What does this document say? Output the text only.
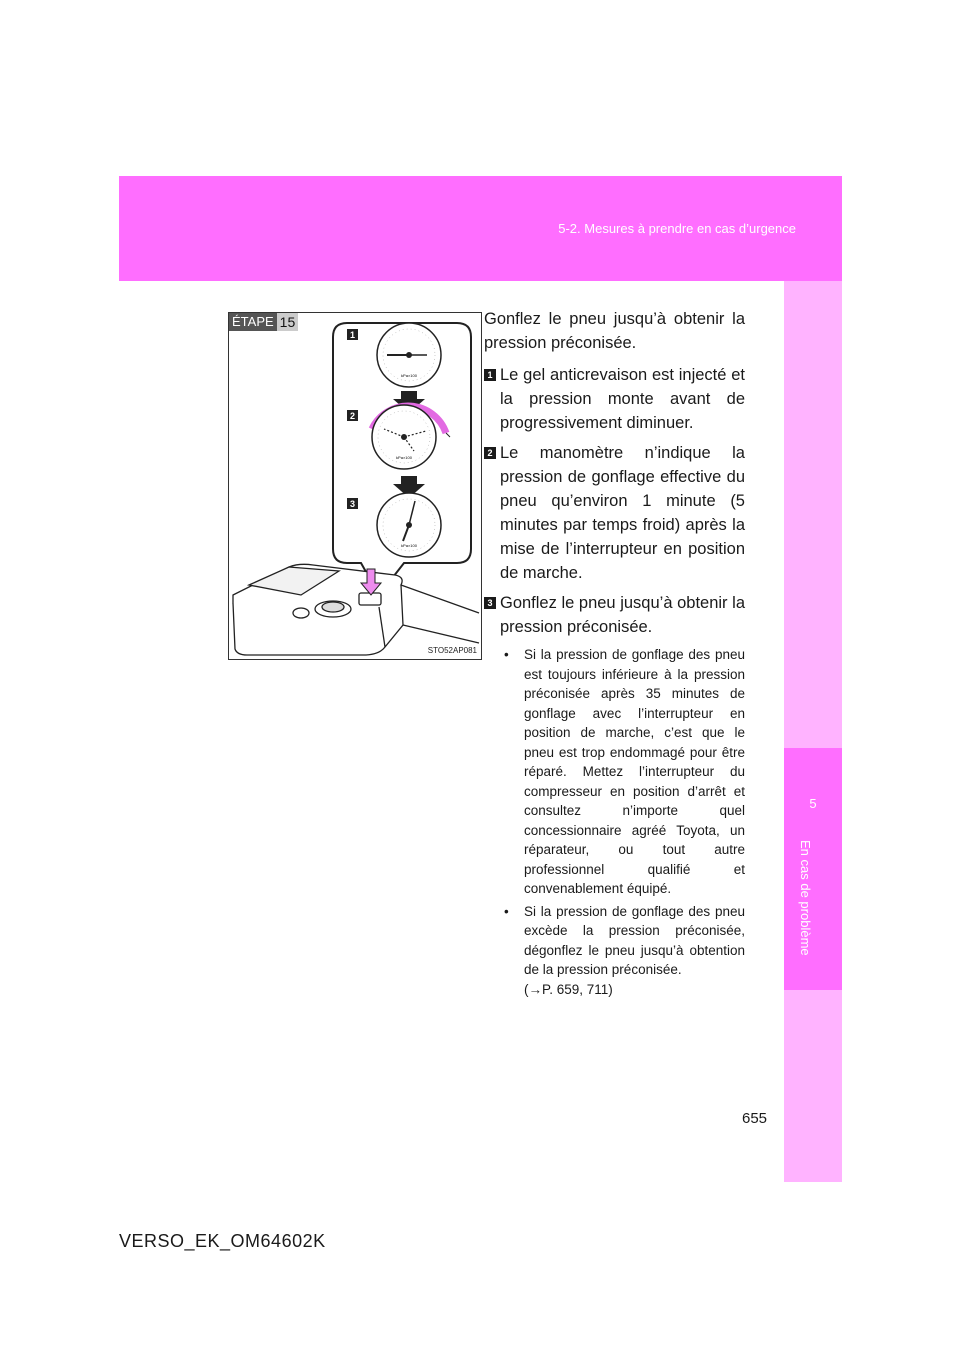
5-2. Mesures à prendre en cas d’urgence
5
En cas de problème
ÉTAPE 15
1
2
3
kPa×100
kPa×100
kPa×100
STO52AP081

Gonflez le pneu jusqu’à obtenir la pression préconisée.

1 Le gel anticrevaison est injecté et la pression monte avant de progressivement diminuer.
2 Le manomètre n’indique la pression de gonflage effective du pneu qu’environ 1 minute (5 minutes par temps froid) après la mise de l’interrupteur en position de marche.
3 Gonflez le pneu jusqu’à obtenir la pression préconisée.
• Si la pression de gonflage des pneu est toujours inférieure à la pression préconisée après 35 minutes de gonflage avec l’interrupteur en position de marche, c’est que le pneu est trop endommagé pour être réparé. Mettez l’interrupteur du compresseur en position d’arrêt et consultez n’importe quel concessionnaire agréé Toyota, un réparateur, ou tout autre professionnel qualifié et convenablement équipé.
• Si la pression de gonflage des pneu excède la pression préconisée, dégonflez le pneu jusqu’à obtention de la pression préconisée.
(→P. 659, 711)
655
VERSO_EK_OM64602K
